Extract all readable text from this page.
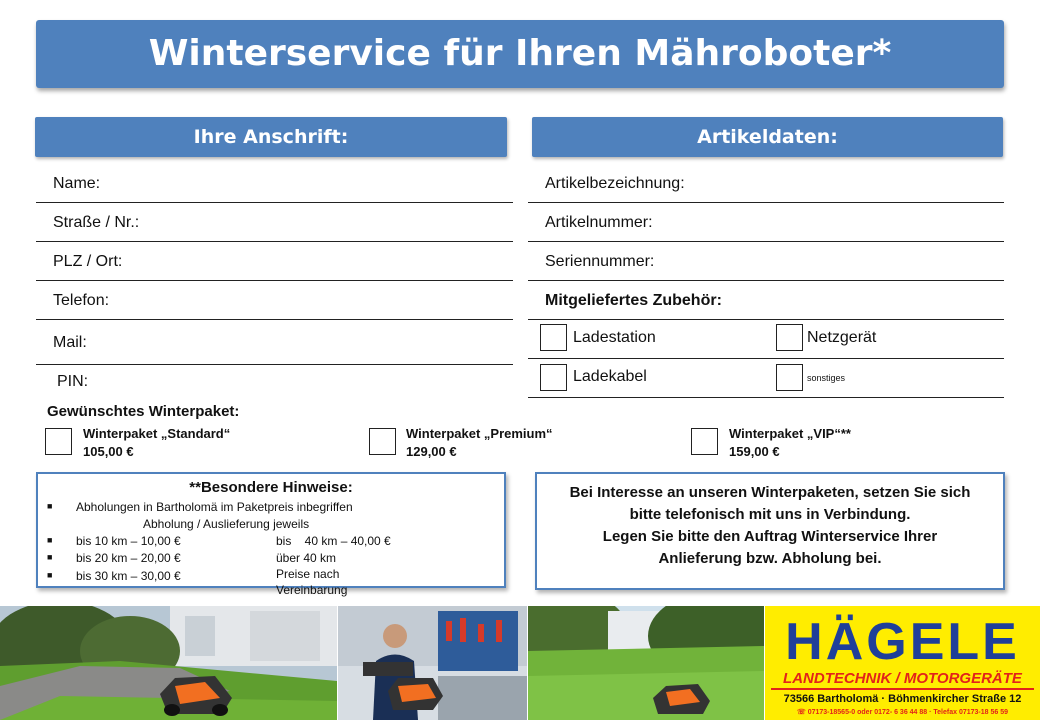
Winterservice für Ihren Mähroboter*
Ihre Anschrift:
Name:
Straße / Nr.:
PLZ / Ort:
Telefon:
Mail:
PIN:
Artikeldaten:
Artikelbezeichnung:
Artikelnummer:
Seriennummer:
Mitgeliefertes Zubehör:
Ladestation	Netzgerät
Ladekabel	sonstiges
Gewünschtes Winterpaket:
Winterpaket „Standard“
105,00 €
Winterpaket „Premium“
129,00 €
Winterpaket „VIP“**
159,00 €
**Besondere Hinweise:
■ Abholungen in Bartholomä im Paketpreis inbegriffen
Abholung / Auslieferung jeweils
■ bis 10 km – 10,00 €	bis    40 km – 40,00 €
■ bis 20 km – 20,00 €	über 40 km Preise nach Vereinbarung
■ bis 30 km – 30,00 €
Bei Interesse an unseren Winterpaketen, setzen Sie sich
bitte telefonisch mit uns in Verbindung.
Legen Sie bitte den Auftrag Winterservice Ihrer
Anlieferung bzw. Abholung bei.
HÄGELE
LANDTECHNIK / MOTORGERÄTE
73566 Bartholomä · Böhmenkircher Straße 12
☏ 07173-18565-0 oder 0172- 6 36 44 88 · Telefax 07173-18 56 59
